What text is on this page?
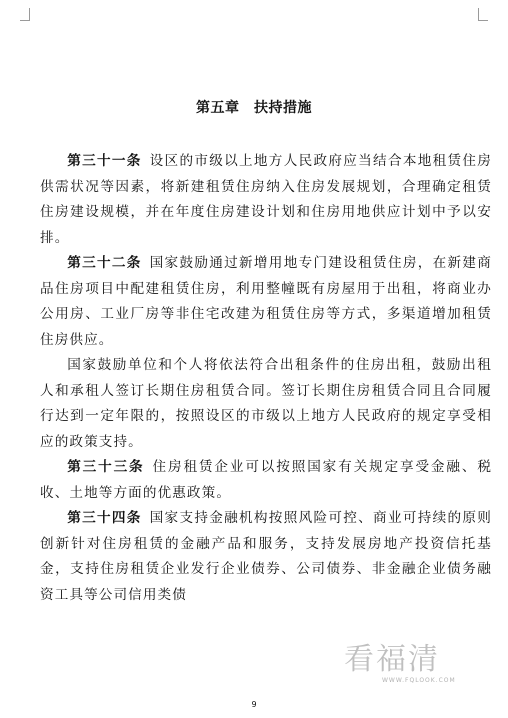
第五章　扶持措施

第三十一条 设区的市级以上地方人民政府应当结合本地租赁住房供需状况等因素，将新建租赁住房纳入住房发展规划，合理确定租赁住房建设规模，并在年度住房建设计划和住房用地供应计划中予以安排。

第三十二条 国家鼓励通过新增用地专门建设租赁住房，在新建商品住房项目中配建租赁住房，利用整幢既有房屋用于出租，将商业办公用房、工业厂房等非住宅改建为租赁住房等方式，多渠道增加租赁住房供应。

国家鼓励单位和个人将依法符合出租条件的住房出租，鼓励出租人和承租人签订长期住房租赁合同。签订长期住房租赁合同且合同履行达到一定年限的，按照设区的市级以上地方人民政府的规定享受相应的政策支持。

第三十三条 住房租赁企业可以按照国家有关规定享受金融、税收、土地等方面的优惠政策。

第三十四条 国家支持金融机构按照风险可控、商业可持续的原则创新针对住房租赁的金融产品和服务，支持发展房地产投资信托基金，支持住房租赁企业发行企业债券、公司债券、非金融企业债务融资工具等公司信用类债

9
看福清
WWW.FQLOOK.COM
